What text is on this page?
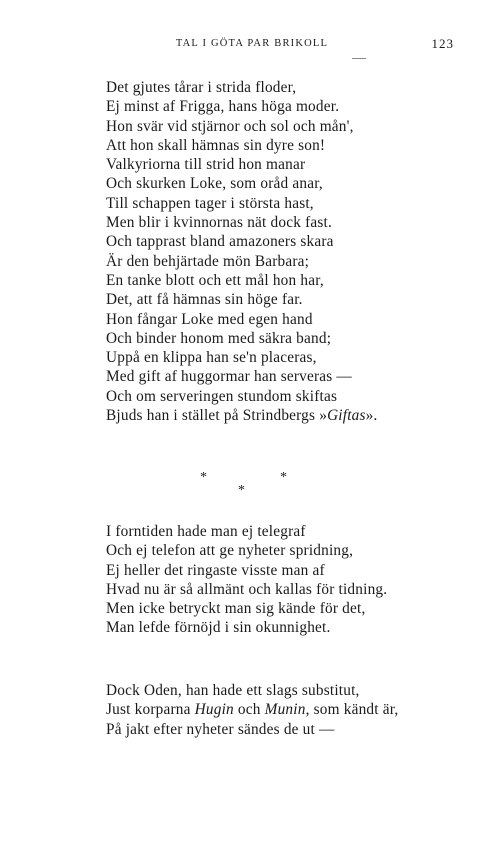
TAL I GÖTA PAR BRIKOLL	123
Det gjutes tårar i strida floder,
Ej minst af Frigga, hans höga moder.
Hon svär vid stjärnor och sol och mån',
Att hon skall hämnas sin dyre son!
Valkyriorna till strid hon manar
Och skurken Loke, som oråd anar,
Till schappen tager i största hast,
Men blir i kvinnornas nät dock fast.
Och tapprast bland amazoners skara
Är den behjärtade mön Barbara;
En tanke blott och ett mål hon har,
Det, att få hämnas sin höge far.
Hon fångar Loke med egen hand
Och binder honom med säkra band;
Uppå en klippa han se'n placeras,
Med gift af huggormar han serveras —
Och om serveringen stundom skiftas
Bjuds han i stället på Strindbergs »Giftas».
*	*
*
I forntiden hade man ej telegraf
Och ej telefon att ge nyheter spridning,
Ej heller det ringaste visste man af
Hvad nu är så allmänt och kallas för tidning.
Men icke betryckt man sig kände för det,
Man lefde förnöjd i sin okunnighet.
Dock Oden, han hade ett slags substitut,
Just korparna Hugin och Munin, som kändt är,
På jakt efter nyheter sändes de ut —
